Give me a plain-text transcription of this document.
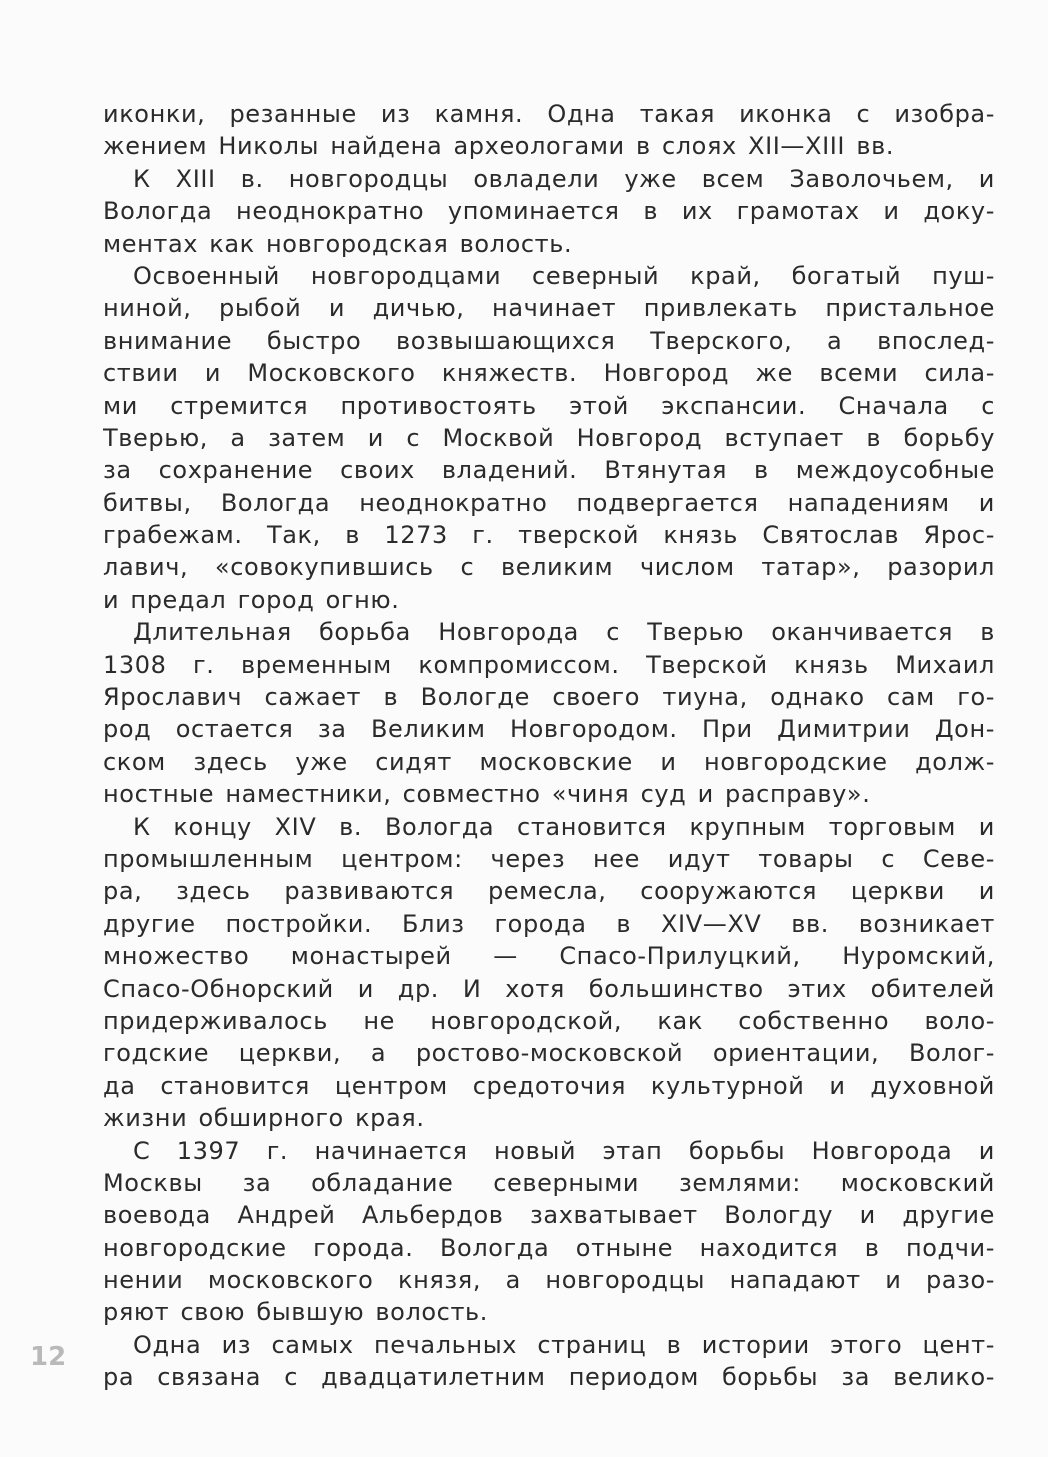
иконки, резанные из камня. Одна такая иконка с изобра-
жением Николы найдена археологами в слоях XII—XIII вв.
К XIII в. новгородцы овладели уже всем Заволочьем, и
Вологда неоднократно упоминается в их грамотах и доку-
ментах как новгородская волость.
Освоенный новгородцами северный край, богатый пуш-
ниной, рыбой и дичью, начинает привлекать пристальное
внимание быстро возвышающихся Тверского, а впослед-
ствии и Московского княжеств. Новгород же всеми сила-
ми стремится противостоять этой экспансии. Сначала с
Тверью, а затем и с Москвой Новгород вступает в борьбу
за сохранение своих владений. Втянутая в междоусобные
битвы, Вологда неоднократно подвергается нападениям и
грабежам. Так, в 1273 г. тверской князь Святослав Ярос-
лавич, «совокупившись с великим числом татар», разорил
и предал город огню.
Длительная борьба Новгорода с Тверью оканчивается в
1308 г. временным компромиссом. Тверской князь Михаил
Ярославич сажает в Вологде своего тиуна, однако сам го-
род остается за Великим Новгородом. При Димитрии Дон-
ском здесь уже сидят московские и новгородские долж-
ностные наместники, совместно «чиня суд и расправу».
К концу XIV в. Вологда становится крупным торговым и
промышленным центром: через нее идут товары с Севе-
ра, здесь развиваются ремесла, сооружаются церкви и
другие постройки. Близ города в XIV—XV вв. возникает
множество монастырей — Спасо-Прилуцкий, Нуромский,
Спасо-Обнорский и др. И хотя большинство этих обителей
придерживалось не новгородской, как собственно воло-
годские церкви, а ростово-московской ориентации, Волог-
да становится центром средоточия культурной и духовной
жизни обширного края.
С 1397 г. начинается новый этап борьбы Новгорода и
Москвы за обладание северными землями: московский
воевода Андрей Альбердов захватывает Вологду и другие
новгородские города. Вологда отныне находится в подчи-
нении московского князя, а новгородцы нападают и разо-
ряют свою бывшую волость.
Одна из самых печальных страниц в истории этого цент-
ра связана с двадцатилетним периодом борьбы за велико-
12
